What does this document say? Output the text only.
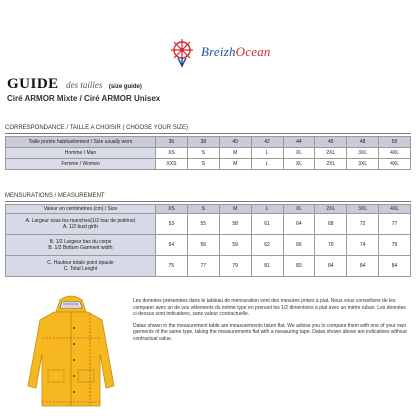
BreizhOcean
GUIDE des tailles (size guide)
Ciré ARMOR Mixte / Ciré ARMOR Unisex
CORRESPONDANCE / TAILLE A CHOISIR ( CHOOSE YOUR SIZE)
Taille portée habituellement / Size usually worn	36	38	40	42	44	46	48	50
Homme / Man	XS	S	M	L	XL	2XL	3XL	4XL
Femme / Women	XXS	S	M	L	XL	2XL	3XL	4XL
MENSURATIONS / MEASUREMENT
Valeur en centimètres (cm) / Size	XS	S	M	L	XL	2XL	3XL	4XL
A. Largeur sous les manches(1/2 tour de poitrine)
A. 1/2 bust girth	53	55	58	61	64	68	72	77
B. 1/2 Largeur bas du corps
B. 1/2 Bottom Garment width	54	56	59	62	66	70	74	79
C. Hauteur totale point épaule
C. Total Lenght	75	77	79	81	83	84	84	84

Les données présentées dans le tableau de mensuration sont des mesures prises à plat. Nous vous conseillons de les comparer avec un de vos vêtements du même type en prenant les 1/2 dimentions à plat avec un mètre ruban. Les données ci-dessus sont indicatives, sans valeur contractuelle.

Datas shown in the measurement table are measurements taken flat. We advise you to compare them with one of your own garments of the same type, taking the measurements flat with a measuring tape. Datas shown above are indicatives without contractual value.
